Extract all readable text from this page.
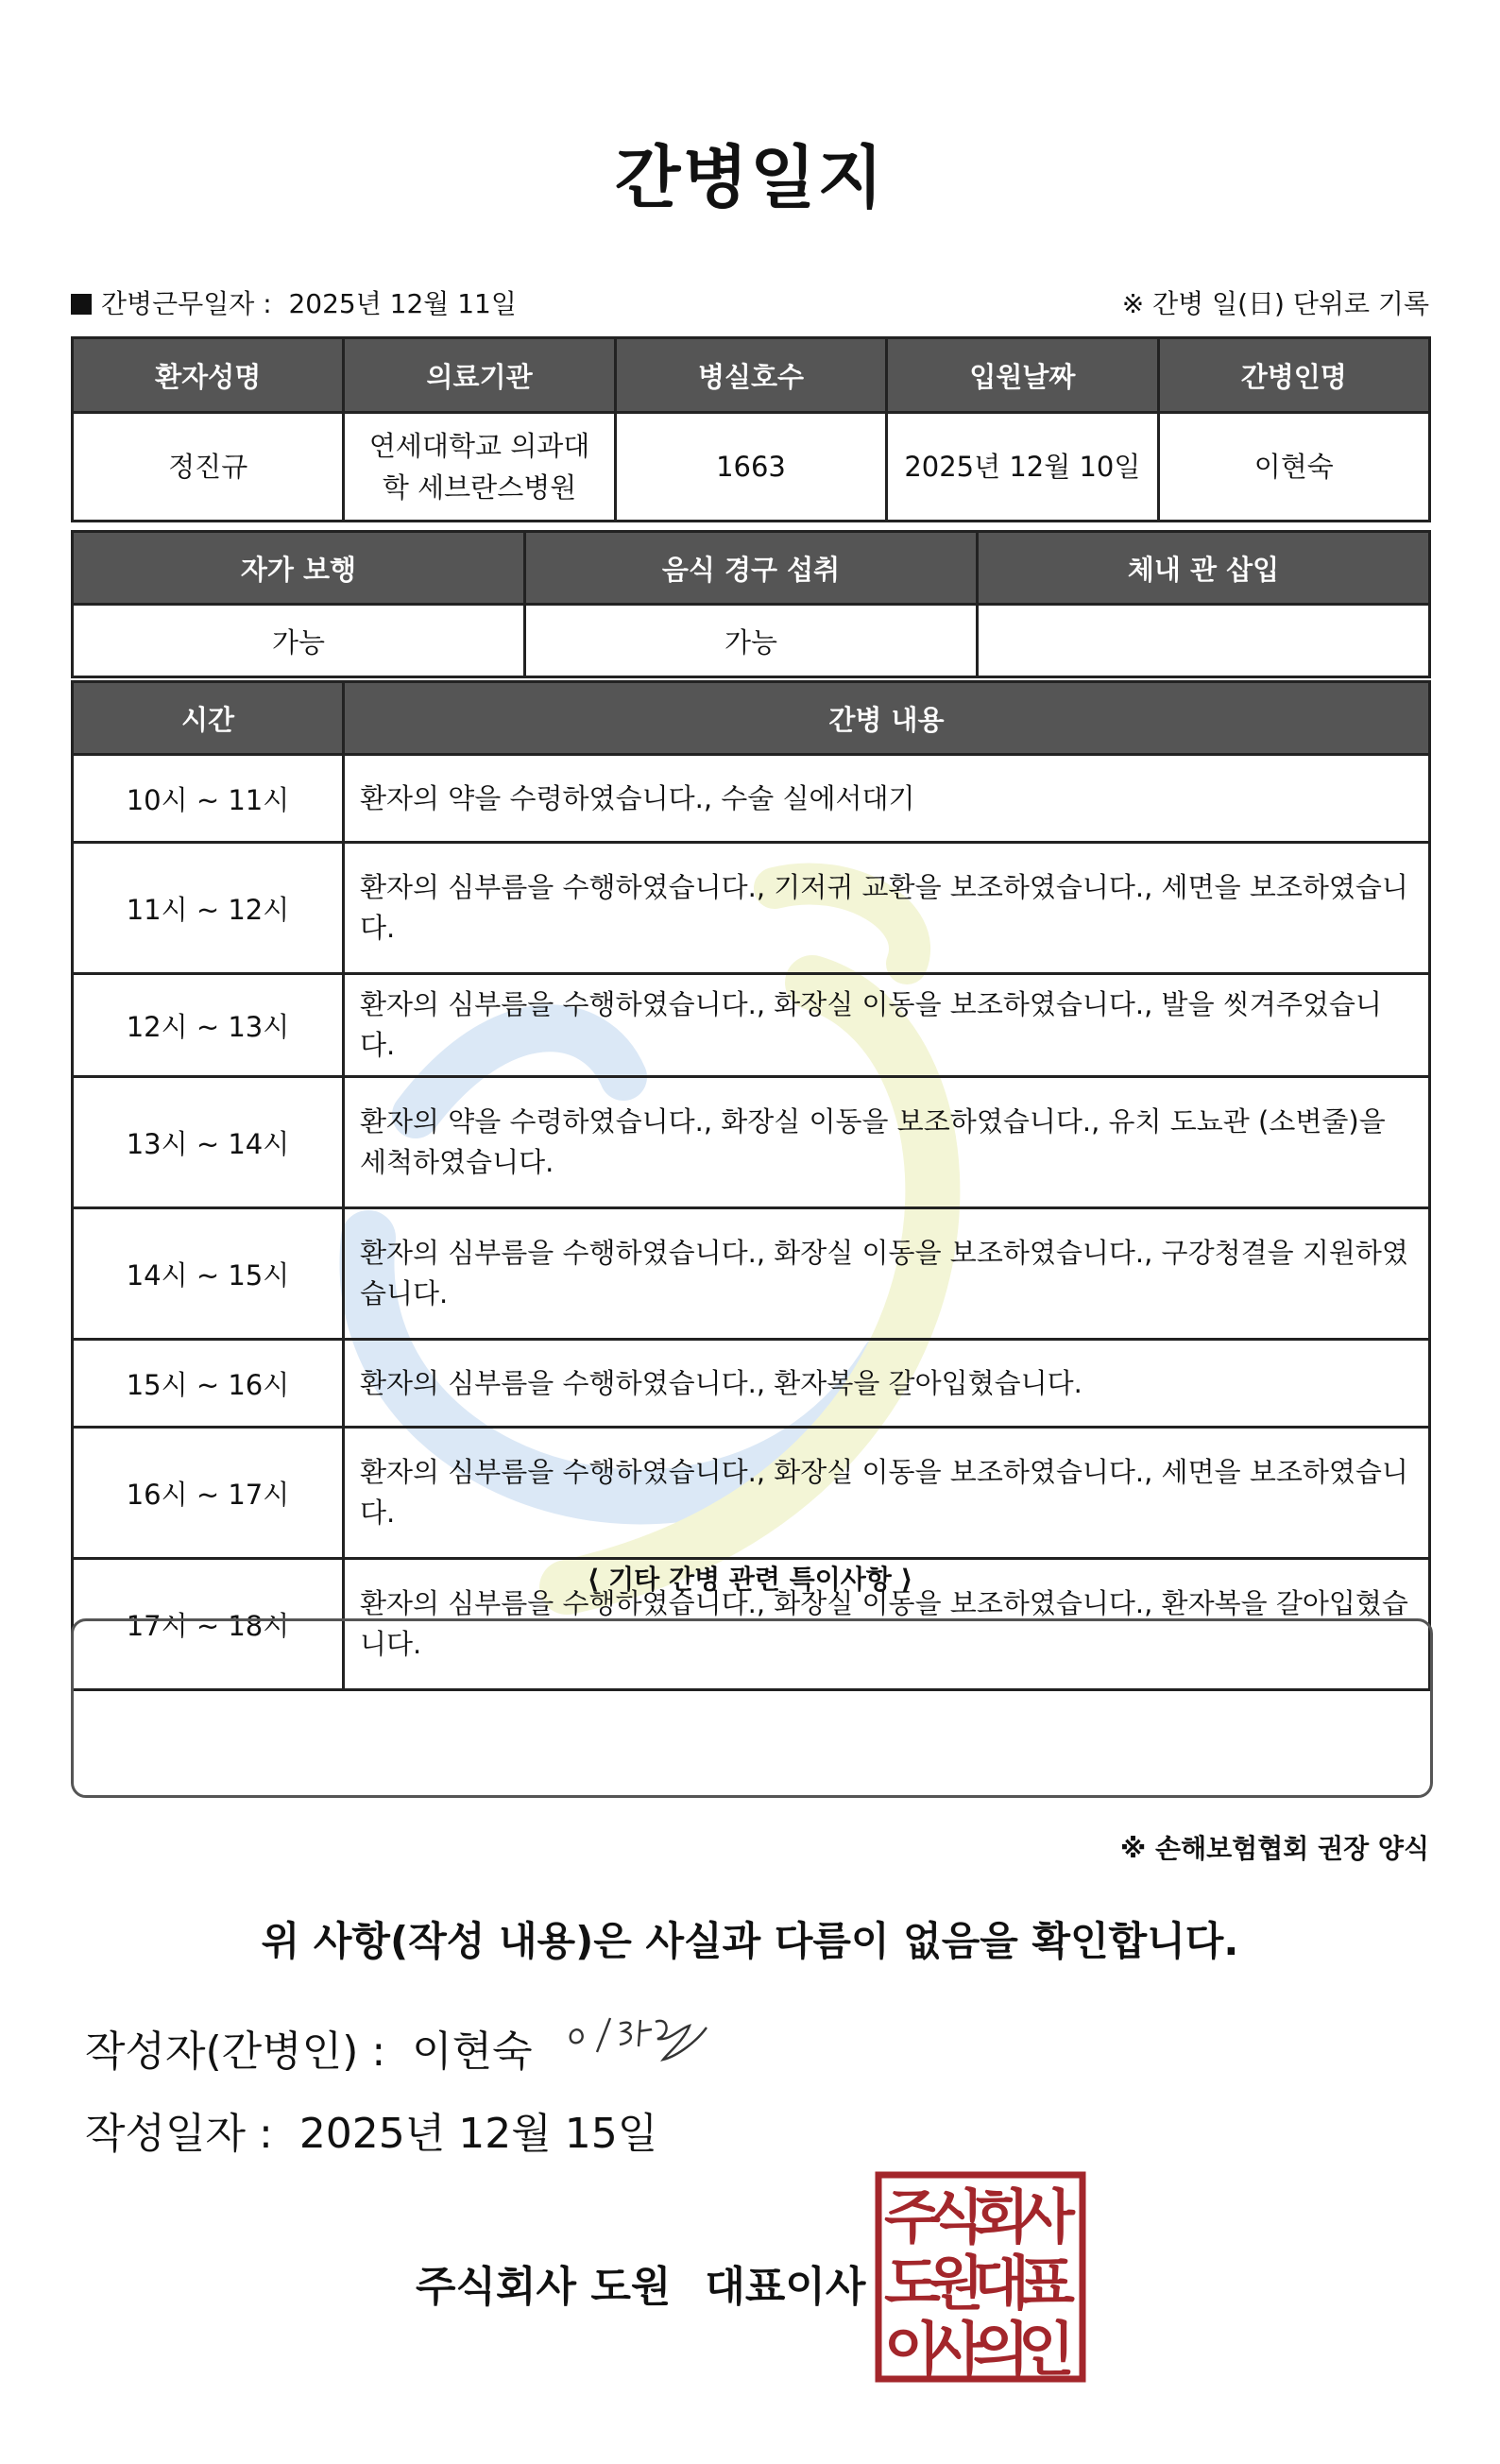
간병일지
간병근무일자 : 2025년 12월 11일	※ 간병 일(日) 단위로 기록
환자성명	의료기관	병실호수	입원날짜	간병인명
정진규	연세대학교 의과대학 세브란스병원	1663	2025년 12월 10일	이현숙
자가 보행	음식 경구 섭취	체내 관 삽입
가능	가능	
시간	간병 내용
10시 ~ 11시	환자의 약을 수령하였습니다., 수술 실에서대기
11시 ~ 12시	환자의 심부름을 수행하였습니다., 기저귀 교환을 보조하였습니다., 세면을 보조하였습니다.
12시 ~ 13시	환자의 심부름을 수행하였습니다., 화장실 이동을 보조하였습니다., 발을 씻겨주었습니다.
13시 ~ 14시	환자의 약을 수령하였습니다., 화장실 이동을 보조하였습니다., 유치 도뇨관 (소변줄)을 세척하였습니다.
14시 ~ 15시	환자의 심부름을 수행하였습니다., 화장실 이동을 보조하였습니다., 구강청결을 지원하였습니다.
15시 ~ 16시	환자의 심부름을 수행하였습니다., 환자복을 갈아입혔습니다.
16시 ~ 17시	환자의 심부름을 수행하였습니다., 화장실 이동을 보조하였습니다., 세면을 보조하였습니다.
17시 ~ 18시	환자의 심부름을 수행하였습니다., 화장실 이동을 보조하였습니다., 환자복을 갈아입혔습니다.
⟨ 기타 간병 관련 특이사항 ⟩
※ 손해보험협회 권장 양식
위 사항(작성 내용)은 사실과 다름이 없음을 확인합니다.
작성자(간병인) : 이현숙
작성일자 : 2025년 12월 15일
주식회사 도원 대표이사
주
식
회
사
도
원
대
표
이
사
의
인
